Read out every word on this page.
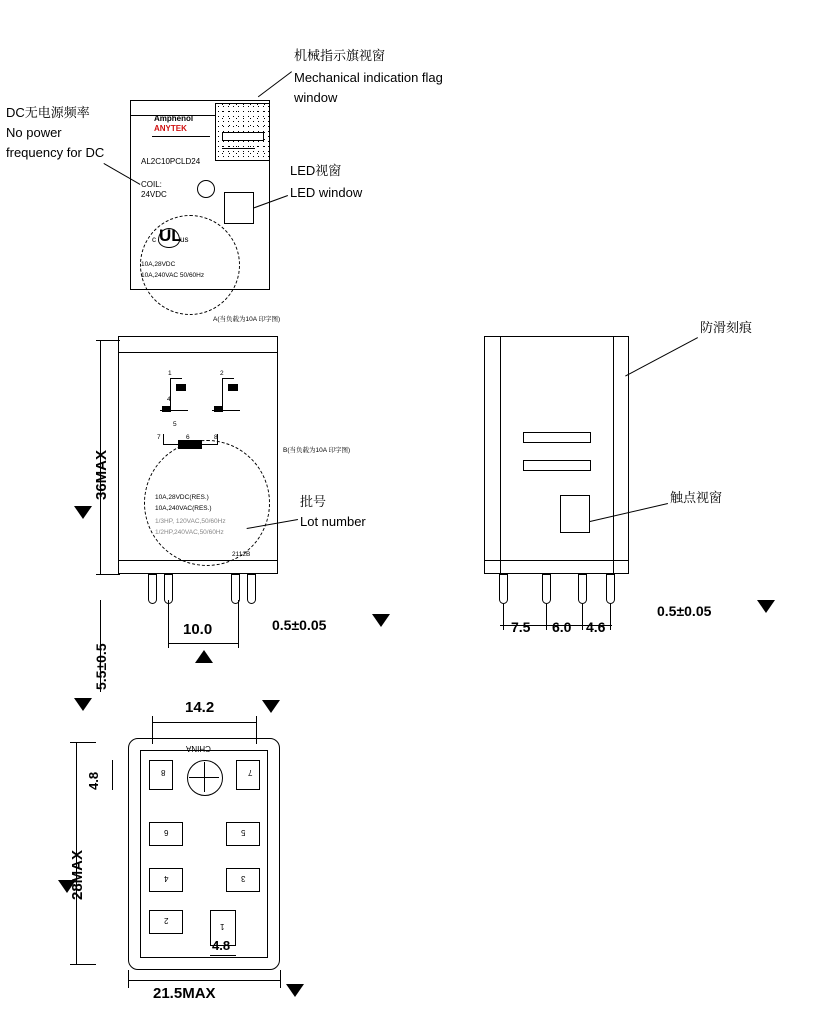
Amphenol
ANYTEK
AL2C10PCLD24
COIL:
24VDC
c UL
us
10A,28VDC
10A,240VAC 50/60Hz
A(当负载为10A 印字图)
机械指示旗视窗
Mechanical indication flag
window
LED视窗
LED window
DC无电源频率
No power
frequency for DC
1	2
4
5
7	6	8
10A,28VDC(RES.)
10A,240VAC(RES.)
1/3HP, 120VAC,50/60Hz
1/2HP,240VAC,50/60Hz
2112B
B(当负载为10A 印字图)
批号
Lot number
36MAX
5.5±0.5
10.0	0.5±0.05	7.5 6.0 4.6
0.5±0.05
防滑刻痕
触点视窗
CHINA
8	7
6	5
4	3
2
1
14.2
4.8
28MAX
4.8
21.5MAX
